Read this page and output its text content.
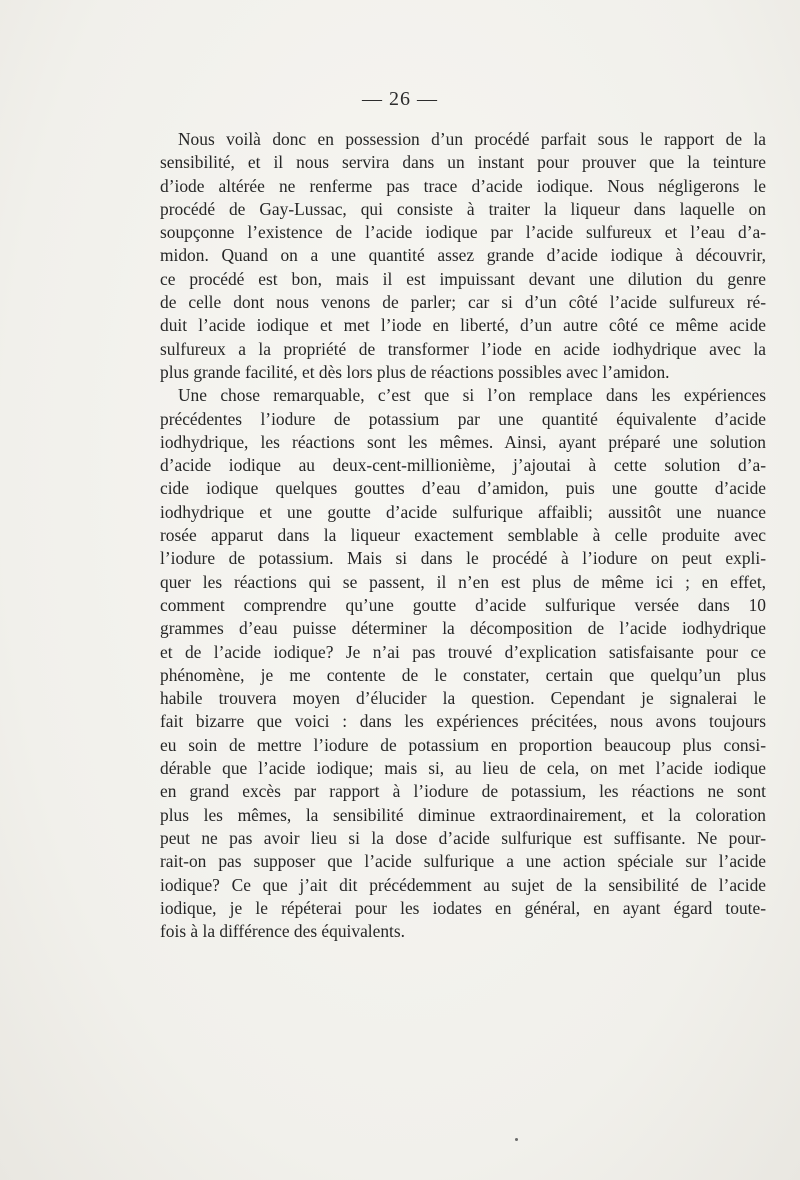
— 26 —
Nous voilà donc en possession d’un procédé parfait sous le rapport de la
sensibilité, et il nous servira dans un instant pour prouver que la teinture
d’iode altérée ne renferme pas trace d’acide iodique. Nous négligerons le
procédé de Gay-Lussac, qui consiste à traiter la liqueur dans laquelle on
soupçonne l’existence de l’acide iodique par l’acide sulfureux et l’eau d’a-
midon. Quand on a une quantité assez grande d’acide iodique à découvrir,
ce procédé est bon, mais il est impuissant devant une dilution du genre
de celle dont nous venons de parler; car si d’un côté l’acide sulfureux ré-
duit l’acide iodique et met l’iode en liberté, d’un autre côté ce même acide
sulfureux a la propriété de transformer l’iode en acide iodhydrique avec la
plus grande facilité, et dès lors plus de réactions possibles avec l’amidon.
Une chose remarquable, c’est que si l’on remplace dans les expériences
précédentes l’iodure de potassium par une quantité équivalente d’acide
iodhydrique, les réactions sont les mêmes. Ainsi, ayant préparé une solution
d’acide iodique au deux-cent-millionième, j’ajoutai à cette solution d’a-
cide iodique quelques gouttes d’eau d’amidon, puis une goutte d’acide
iodhydrique et une goutte d’acide sulfurique affaibli; aussitôt une nuance
rosée apparut dans la liqueur exactement semblable à celle produite avec
l’iodure de potassium. Mais si dans le procédé à l’iodure on peut expli-
quer les réactions qui se passent, il n’en est plus de même ici ; en effet,
comment comprendre qu’une goutte d’acide sulfurique versée dans 10
grammes d’eau puisse déterminer la décomposition de l’acide iodhydrique
et de l’acide iodique? Je n’ai pas trouvé d’explication satisfaisante pour ce
phénomène, je me contente de le constater, certain que quelqu’un plus
habile trouvera moyen d’élucider la question. Cependant je signalerai le
fait bizarre que voici : dans les expériences précitées, nous avons toujours
eu soin de mettre l’iodure de potassium en proportion beaucoup plus consi-
dérable que l’acide iodique; mais si, au lieu de cela, on met l’acide iodique
en grand excès par rapport à l’iodure de potassium, les réactions ne sont
plus les mêmes, la sensibilité diminue extraordinairement, et la coloration
peut ne pas avoir lieu si la dose d’acide sulfurique est suffisante. Ne pour-
rait-on pas supposer que l’acide sulfurique a une action spéciale sur l’acide
iodique? Ce que j’ait dit précédemment au sujet de la sensibilité de l’acide
iodique, je le répéterai pour les iodates en général, en ayant égard toute-
fois à la différence des équivalents.
